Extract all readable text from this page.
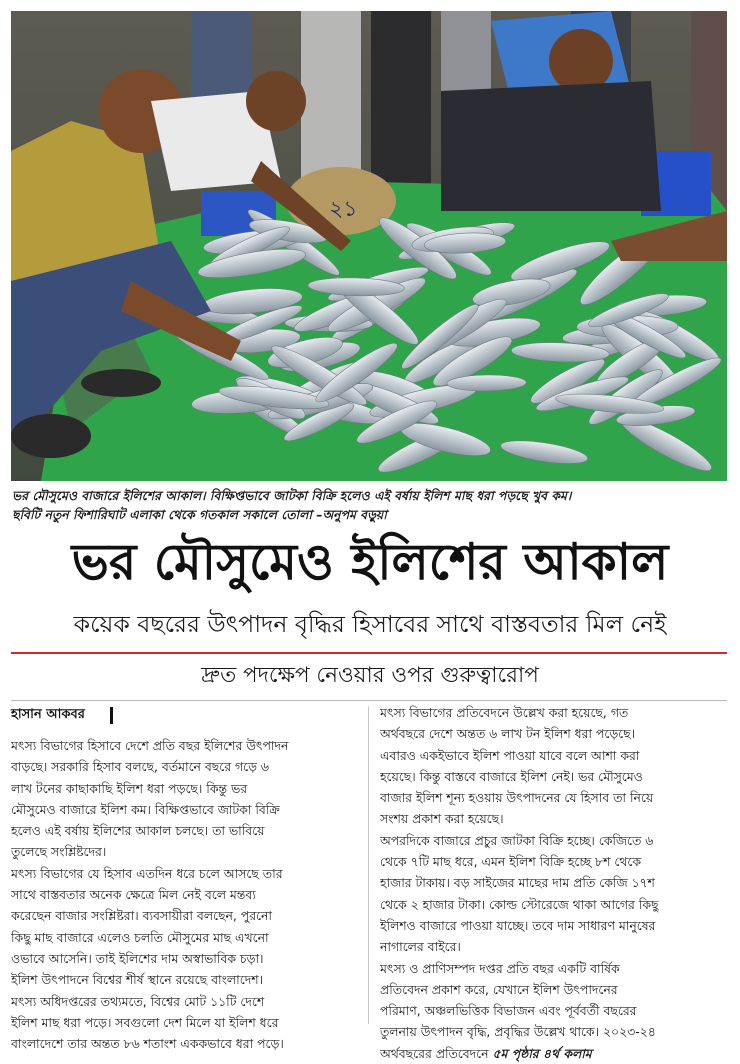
২১
ভর মৌসুমেও বাজারে ইলিশের আকাল। বিক্ষিপ্তভাবে জাটকা বিক্রি হলেও এই বর্ষায় ইলিশ মাছ ধরা পড়ছে খুব কম।
ছবিটি নতুন ফিশারিঘাট এলাকা থেকে গতকাল সকালে তোলা –অনুপম বড়ুয়া
ভর মৌসুমেও ইলিশের আকাল
কয়েক বছরের উৎপাদন বৃদ্ধির হিসাবের সাথে বাস্তবতার মিল নেই
দ্রুত পদক্ষেপ নেওয়ার ওপর গুরুত্বারোপ
হাসান আকবর

মৎস্য বিভাগের হিসাবে দেশে প্রতি বছর ইলিশের উৎপাদন

বাড়ছে। সরকারি হিসাব বলছে, বর্তমানে বছরে গড়ে ৬

লাখ টনের কাছাকাছি ইলিশ ধরা পড়ছে। কিন্তু ভর

মৌসুমেও বাজারে ইলিশ কম। বিক্ষিপ্তভাবে জাটকা বিক্রি

হলেও এই বর্ষায় ইলিশের আকাল চলছে। তা ভাবিয়ে

তুলেছে সংশ্লিষ্টদের।

মৎস্য বিভাগের যে হিসাব এতদিন ধরে চলে আসছে তার

সাথে বাস্তবতার অনেক ক্ষেত্রে মিল নেই বলে মন্তব্য

করেছেন বাজার সংশ্লিষ্টরা। ব্যবসায়ীরা বলছেন, পুরনো

কিছু মাছ বাজারে এলেও চলতি মৌসুমের মাছ এখনো

ওভাবে আসেনি। তাই ইলিশের দাম অস্বাভাবিক চড়া।

ইলিশ উৎপাদনে বিশ্বের শীর্ষ স্থানে রয়েছে বাংলাদেশ।

মৎস্য অধিদপ্তরের তথ্যমতে, বিশ্বের মোট ১১টি দেশে

ইলিশ মাছ ধরা পড়ে। সবগুলো দেশ মিলে যা ইলিশ ধরে

বাংলাদেশে তার অন্তত ৮৬ শতাংশ এককভাবে ধরা পড়ে।

মৎস্য বিভাগের প্রতিবেদনে উল্লেখ করা হয়েছে, গত

অর্থবছরে দেশে অন্তত ৬ লাখ টন ইলিশ ধরা পড়েছে।

এবারও একইভাবে ইলিশ পাওয়া যাবে বলে আশা করা

হয়েছে। কিন্তু বাস্তবে বাজারে ইলিশ নেই। ভর মৌসুমেও

বাজার ইলিশ শূন্য হওয়ায় উৎপাদনের যে হিসাব তা নিয়ে

সংশয় প্রকাশ করা হয়েছে।

অপরদিকে বাজারে প্রচুর জাটকা বিক্রি হচ্ছে। কেজিতে ৬

থেকে ৭টি মাছ ধরে, এমন ইলিশ বিক্রি হচ্ছে ৮শ থেকে

হাজার টাকায়। বড় সাইজের মাছের দাম প্রতি কেজি ১৭শ

থেকে ২ হাজার টাকা। কোল্ড স্টোরেজে থাকা আগের কিছু

ইলিশও বাজারে পাওয়া যাচ্ছে। তবে দাম সাধারণ মানুষের

নাগালের বাইরে।

মৎস্য ও প্রাণিসম্পদ দপ্তর প্রতি বছর একটি বার্ষিক

প্রতিবেদন প্রকাশ করে, যেখানে ইলিশ উৎপাদনের

পরিমাণ, অঞ্চলভিত্তিক বিভাজন এবং পূর্ববর্তী বছরের

তুলনায় উৎপাদন বৃদ্ধি, প্রবৃদ্ধির উল্লেখ থাকে। ২০২৩-২৪

অর্থবছরের প্রতিবেদনে ৫ম পৃষ্ঠার ৪র্থ কলাম
